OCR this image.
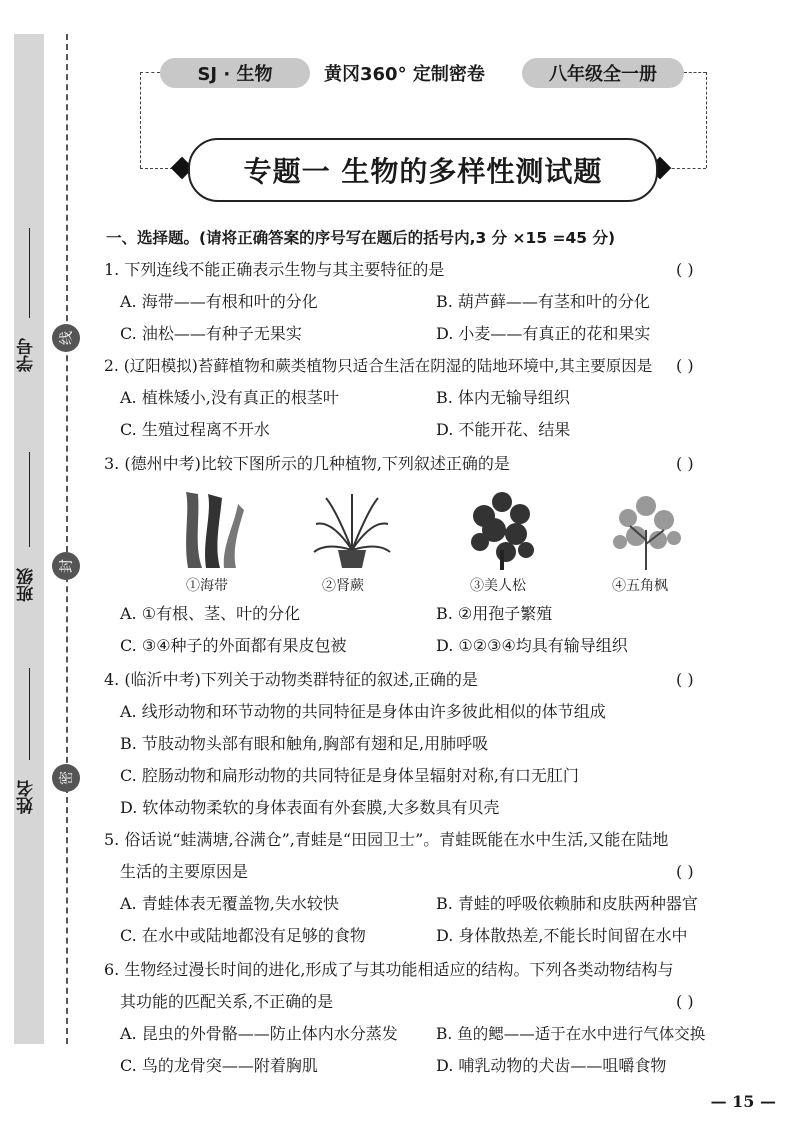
学号
班级
姓名
线
封
密
SJ · 生物	黄冈360° 定制密卷	八年级全一册
专题一 生物的多样性测试题
一、选择题。(请将正确答案的序号写在题后的括号内,3 分 ×15 =45 分)
1. 下列连线不能正确表示生物与其主要特征的是	( )
A. 海带——有根和叶的分化	B. 葫芦藓——有茎和叶的分化
C. 油松——有种子无果实	D. 小麦——有真正的花和果实
2. (辽阳模拟)苔藓植物和蕨类植物只适合生活在阴湿的陆地环境中,其主要原因是 ( )
A. 植株矮小,没有真正的根茎叶	B. 体内无输导组织
C. 生殖过程离不开水	D. 不能开花、结果
3. (德州中考)比较下图所示的几种植物,下列叙述正确的是	( )
①海带	②肾蕨	③美人松	④五角枫
A. ①有根、茎、叶的分化	B. ②用孢子繁殖
C. ③④种子的外面都有果皮包被	D. ①②③④均具有输导组织
4. (临沂中考)下列关于动物类群特征的叙述,正确的是	( )
A. 线形动物和环节动物的共同特征是身体由许多彼此相似的体节组成
B. 节肢动物头部有眼和触角,胸部有翅和足,用肺呼吸
C. 腔肠动物和扁形动物的共同特征是身体呈辐射对称,有口无肛门
D. 软体动物柔软的身体表面有外套膜,大多数具有贝壳
5. 俗话说“蛙满塘,谷满仓”,青蛙是“田园卫士”。青蛙既能在水中生活,又能在陆地
生活的主要原因是	( )
A. 青蛙体表无覆盖物,失水较快	B. 青蛙的呼吸依赖肺和皮肤两种器官
C. 在水中或陆地都没有足够的食物	D. 身体散热差,不能长时间留在水中
6. 生物经过漫长时间的进化,形成了与其功能相适应的结构。下列各类动物结构与
其功能的匹配关系,不正确的是	( )
A. 昆虫的外骨骼——防止体内水分蒸发 B. 鱼的鳃——适于在水中进行气体交换
C. 鸟的龙骨突——附着胸肌	D. 哺乳动物的犬齿——咀嚼食物
— 15 —
